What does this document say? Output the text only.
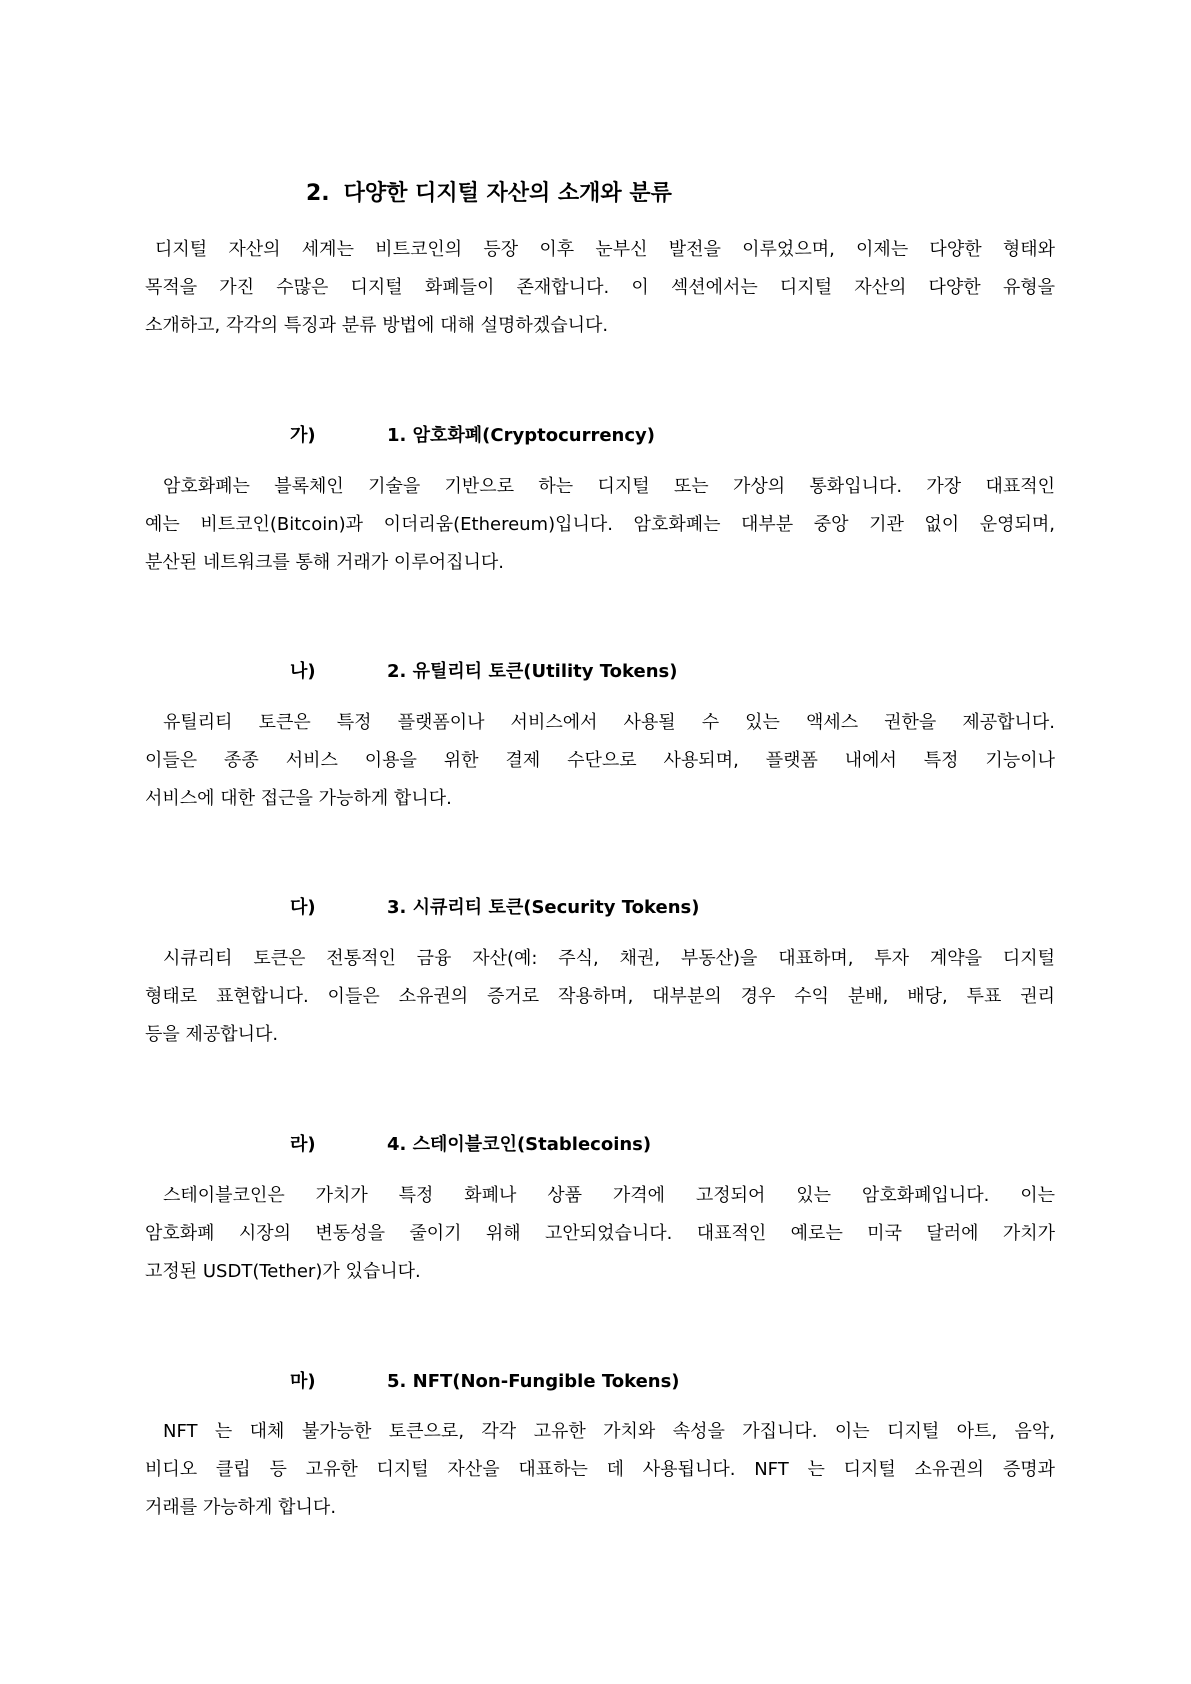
2. 다양한 디지털 자산의 소개와 분류
디지털 자산의 세계는 비트코인의 등장 이후 눈부신 발전을 이루었으며, 이제는 다양한 형태와
목적을 가진 수많은 디지털 화폐들이 존재합니다. 이 섹션에서는 디지털 자산의 다양한 유형을
소개하고, 각각의 특징과 분류 방법에 대해 설명하겠습니다.
가)	1. 암호화폐(Cryptocurrency)
암호화폐는 블록체인 기술을 기반으로 하는 디지털 또는 가상의 통화입니다. 가장 대표적인
예는 비트코인(Bitcoin)과 이더리움(Ethereum)입니다. 암호화폐는 대부분 중앙 기관 없이 운영되며,
분산된 네트워크를 통해 거래가 이루어집니다.
나)	2. 유틸리티 토큰(Utility Tokens)
유틸리티 토큰은 특정 플랫폼이나 서비스에서 사용될 수 있는 액세스 권한을 제공합니다.
이들은 종종 서비스 이용을 위한 결제 수단으로 사용되며, 플랫폼 내에서 특정 기능이나
서비스에 대한 접근을 가능하게 합니다.
다)	3. 시큐리티 토큰(Security Tokens)
시큐리티 토큰은 전통적인 금융 자산(예: 주식, 채권, 부동산)을 대표하며, 투자 계약을 디지털
형태로 표현합니다. 이들은 소유권의 증거로 작용하며, 대부분의 경우 수익 분배, 배당, 투표 권리
등을 제공합니다.
라)	4. 스테이블코인(Stablecoins)
스테이블코인은 가치가 특정 화폐나 상품 가격에 고정되어 있는 암호화폐입니다. 이는
암호화폐 시장의 변동성을 줄이기 위해 고안되었습니다. 대표적인 예로는 미국 달러에 가치가
고정된 USDT(Tether)가 있습니다.
마)	5. NFT(Non-Fungible Tokens)
NFT 는 대체 불가능한 토큰으로, 각각 고유한 가치와 속성을 가집니다. 이는 디지털 아트, 음악,
비디오 클립 등 고유한 디지털 자산을 대표하는 데 사용됩니다. NFT 는 디지털 소유권의 증명과
거래를 가능하게 합니다.
